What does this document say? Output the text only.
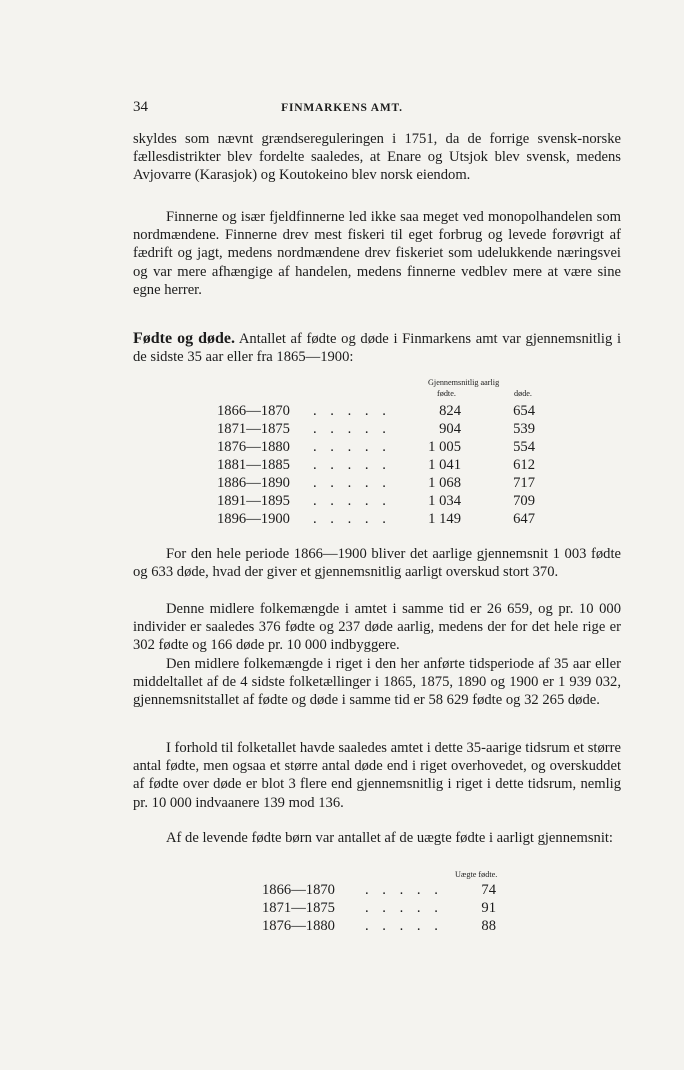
34	FINMARKENS AMT.

skyldes som nævnt grændsereguleringen i 1751, da de forrige svensk-norske fællesdistrikter blev fordelte saaledes, at Enare og Utsjok blev svensk, medens Avjovarre (Karasjok) og Koutokeino blev norsk eiendom.

Finnerne og især fjeldfinnerne led ikke saa meget ved monopolhandelen som nordmændene. Finnerne drev mest fiskeri til eget forbrug og levede forøvrigt af fædrift og jagt, medens nordmændene drev fiskeriet som udelukkende næringsvei og var mere afhængige af handelen, medens finnerne vedblev mere at være sine egne herrer.

Fødte og døde. Antallet af fødte og døde i Finmarkens amt var gjennemsnitlig i de sidste 35 aar eller fra 1865—1900:

Gjennemsnitlig aarlig
fødte.	døde.
1866—1870 . . . . .	824	654
1871—1875 . . . . .	904	539
1876—1880 . . . . .	1 005	554
1881—1885 . . . . .	1 041	612
1886—1890 . . . . .	1 068	717
1891—1895 . . . . .	1 034	709
1896—1900 . . . . .	1 149	647

For den hele periode 1866—1900 bliver det aarlige gjennemsnit 1 003 fødte og 633 døde, hvad der giver et gjennemsnitlig aarligt overskud stort 370.

Denne midlere folkemængde i amtet i samme tid er 26 659, og pr. 10 000 individer er saaledes 376 fødte og 237 døde aarlig, medens der for det hele rige er 302 fødte og 166 døde pr. 10 000 indbyggere.

Den midlere folkemængde i riget i den her anførte tidsperiode af 35 aar eller middeltallet af de 4 sidste folketællinger i 1865, 1875, 1890 og 1900 er 1 939 032, gjennemsnitstallet af fødte og døde i samme tid er 58 629 fødte og 32 265 døde.

I forhold til folketallet havde saaledes amtet i dette 35-aarige tidsrum et større antal fødte, men ogsaa et større antal døde end i riget overhovedet, og overskuddet af fødte over døde er blot 3 flere end gjennemsnitlig i riget i dette tidsrum, nemlig pr. 10 000 indvaanere 139 mod 136.

Af de levende fødte børn var antallet af de uægte fødte i aarligt gjennemsnit:

Uægte fødte.
1866—1870 . . . . .	74
1871—1875 . . . . .	91
1876—1880 . . . . .	88
